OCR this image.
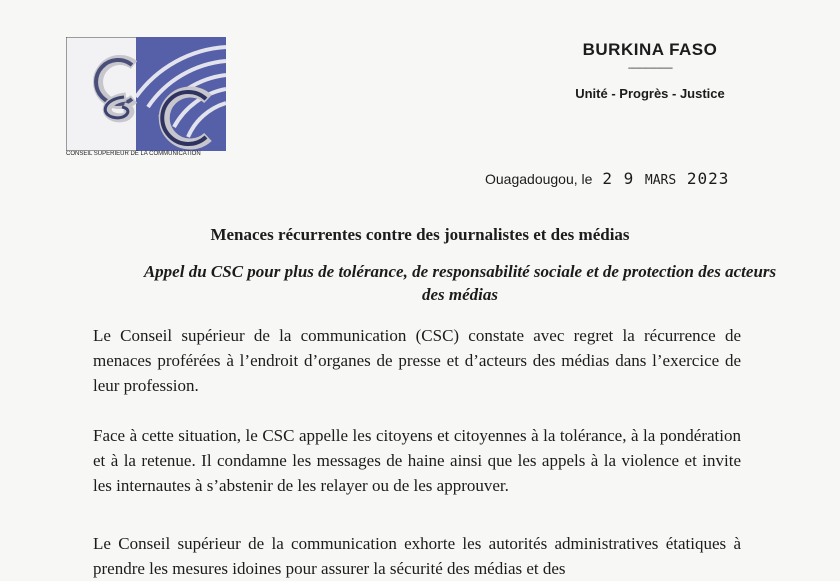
CONSEIL SUPERIEUR DE LA COMMUNICATION
BURKINA FASO
-------------------
Unité - Progrès - Justice
Ouagadougou, le 2 9 MARS 2023
Menaces récurrentes contre des journalistes et des médias
Appel du CSC pour plus de tolérance, de responsabilité sociale et de protection des acteurs des médias
Le Conseil supérieur de la communication (CSC) constate avec regret la récurrence de menaces proférées à l’endroit d’organes de presse et d’acteurs des médias dans l’exercice de leur profession.
Face à cette situation, le CSC appelle les citoyens et citoyennes à la tolérance, à la pondération et à la retenue. Il condamne les messages de haine ainsi que les appels à la violence et invite les internautes à s’abstenir de les relayer ou de les approuver.
Le Conseil supérieur de la communication exhorte les autorités administratives étatiques à prendre les mesures idoines pour assurer la sécurité des médias et des
